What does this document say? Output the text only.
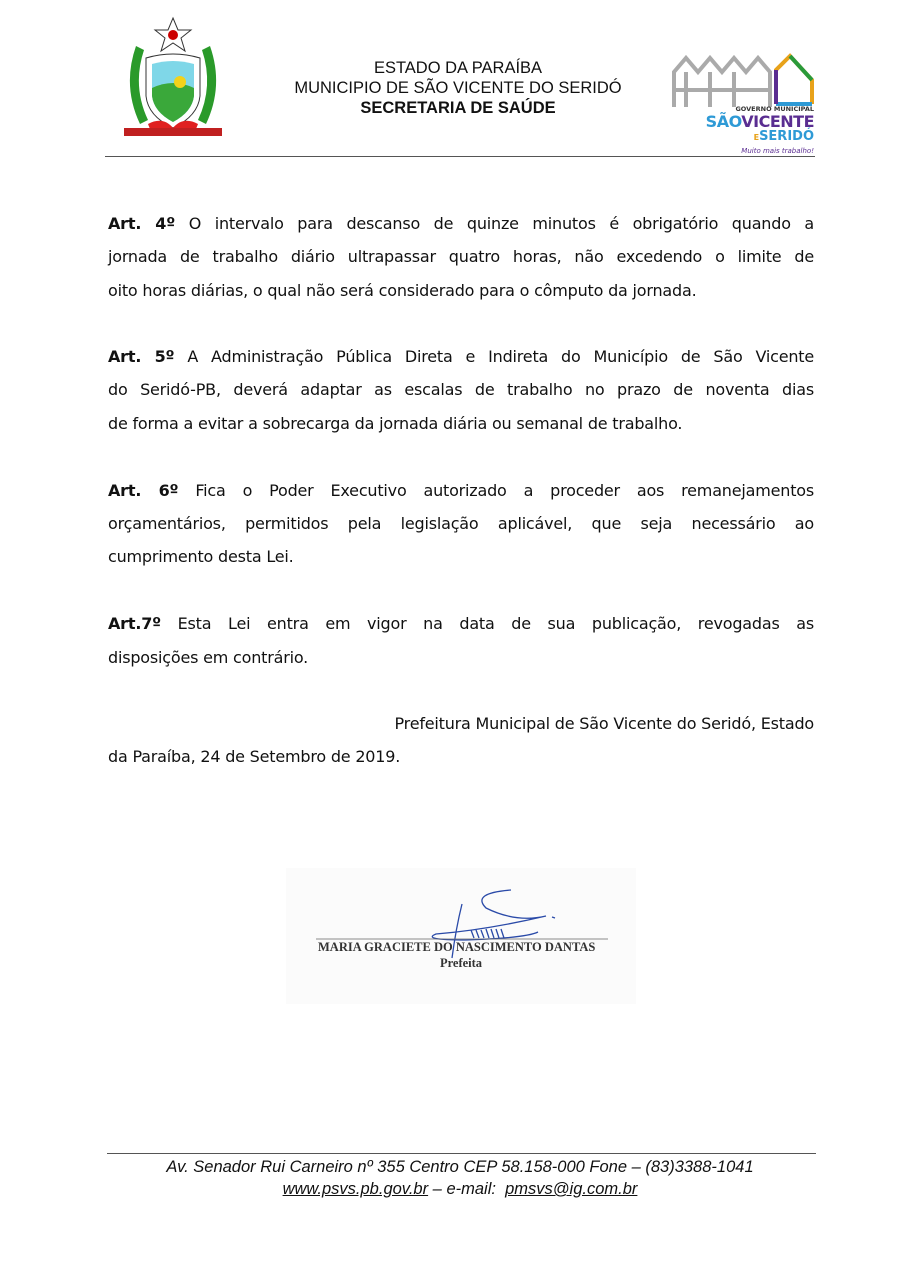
ESTADO DA PARAÍBA
MUNICIPIO DE SÃO VICENTE DO SERIDÓ
SECRETARIA DE SAÚDE	GOVERNO MUNICIPAL
SÃOVICENTE
ESERIDÓ
Muito mais trabalho!
Art. 4º O intervalo para descanso de quinze minutos é obrigatório quando a
jornada de trabalho diário ultrapassar quatro horas, não excedendo o limite de
oito horas diárias, o qual não será considerado para o cômputo da jornada.
Art. 5º A Administração Pública Direta e Indireta do Município de São Vicente
do Seridó-PB, deverá adaptar as escalas de trabalho no prazo de noventa dias
de forma a evitar a sobrecarga da jornada diária ou semanal de trabalho.
Art. 6º Fica o Poder Executivo autorizado a proceder aos remanejamentos
orçamentários, permitidos pela legislação aplicável, que seja necessário ao
cumprimento desta Lei.
Art.7º Esta Lei entra em vigor na data de sua publicação, revogadas as
disposições em contrário.
Prefeitura Municipal de São Vicente do Seridó, Estado
da Paraíba, 24 de Setembro de 2019.
MARIA GRACIETE DO NASCIMENTO DANTAS
Prefeita
Av. Senador Rui Carneiro nº 355 Centro CEP 58.158-000 Fone – (83)3388-1041
www.psvs.pb.gov.br – e-mail:  pmsvs@ig.com.br
